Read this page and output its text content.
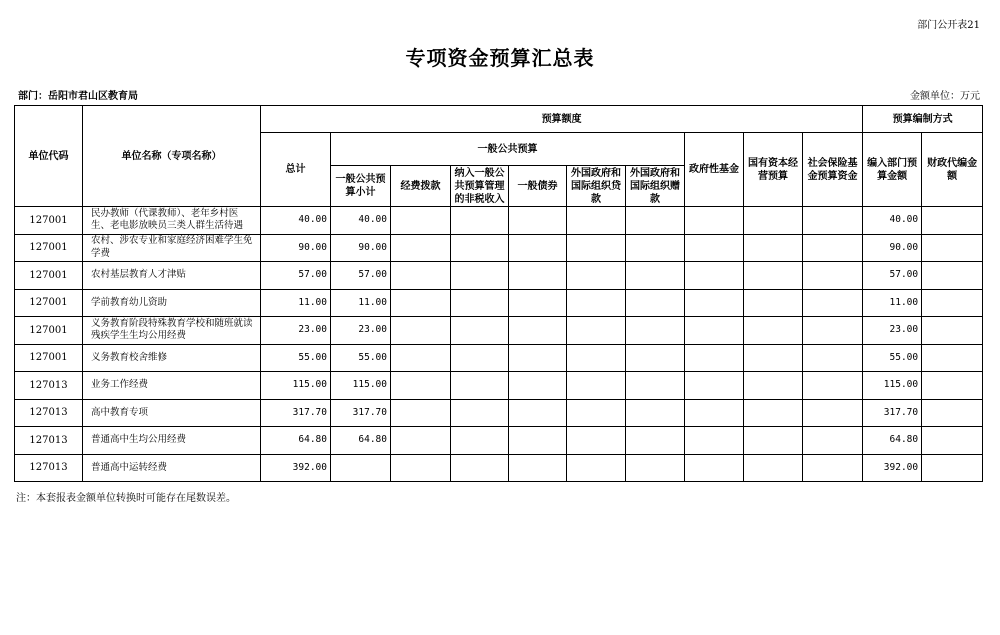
部门公开表21
专项资金预算汇总表
部门：岳阳市君山区教育局	金额单位：万元
单位代码	单位名称（专项名称）	预算额度										预算编制方式	
		总计	一般公共预算						政府性基金	国有资本经营预算	社会保险基金预算资金	编入部门预算金额	财政代编金额
			一般公共预算小计	经费拨款	纳入一般公共预算管理的非税收入	一般债券	外国政府和国际组织贷款	外国政府和国际组织赠款					
127001	民办教师（代课教师）、老年乡村医生、老电影放映员三类人群生活待遇	40.00	40.00									40.00	
127001	农村、涉农专业和家庭经济困难学生免学费	90.00	90.00									90.00	
127001	农村基层教育人才津贴	57.00	57.00									57.00	
127001	学前教育幼儿资助	11.00	11.00									11.00	
127001	义务教育阶段特殊教育学校和随班就读残疾学生生均公用经费	23.00	23.00									23.00	
127001	义务教育校舍维修	55.00	55.00									55.00	
127013	业务工作经费	115.00	115.00									115.00	
127013	高中教育专项	317.70	317.70									317.70	
127013	普通高中生均公用经费	64.80	64.80									64.80	
127013	普通高中运转经费	392.00										392.00	
注：本套报表金额单位转换时可能存在尾数误差。
